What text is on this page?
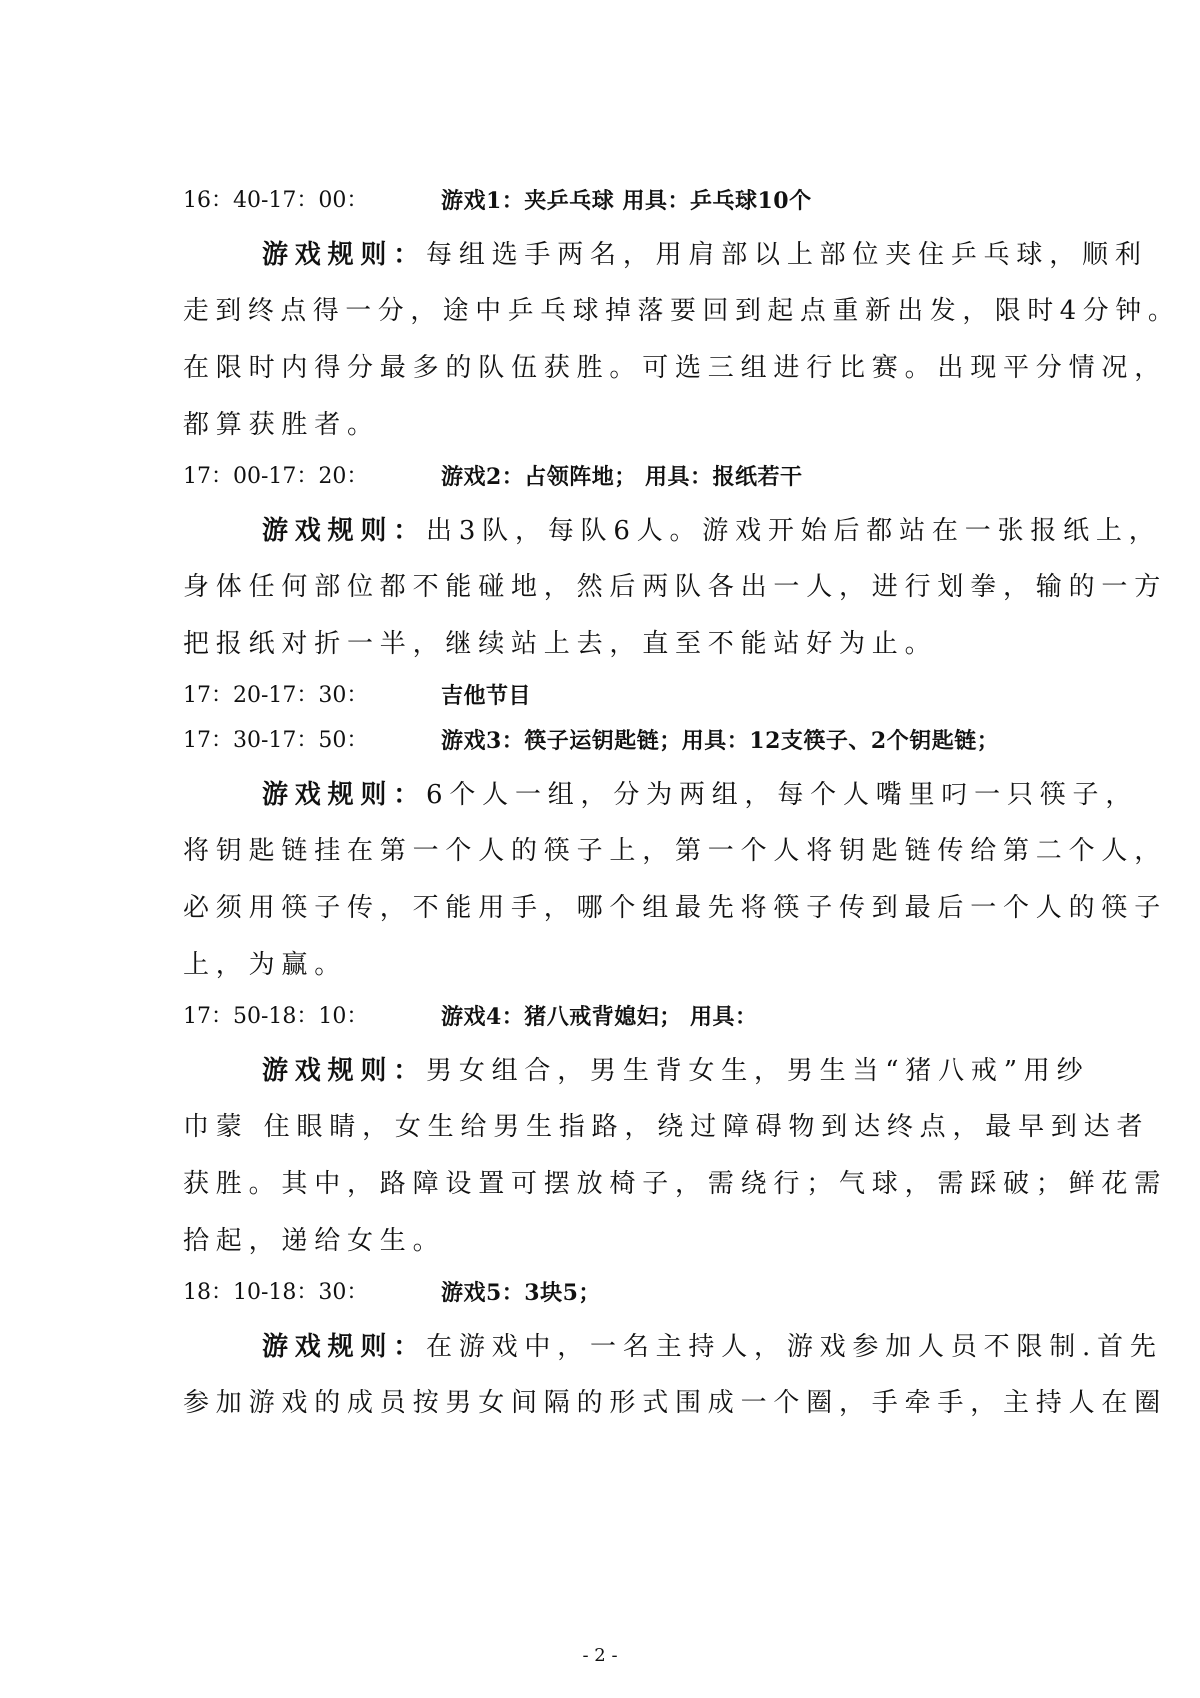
16：40-17：00：	游戏1：夹乒乓球 用具：乒乓球10个
游戏规则：每组选手两名，用肩部以上部位夹住乒乓球，顺利
走到终点得一分，途中乒乓球掉落要回到起点重新出发，限时4分钟。
在限时内得分最多的队伍获胜。可选三组进行比赛。出现平分情况，
都算获胜者。
17：00-17：20：	游戏2：占领阵地； 用具：报纸若干
游戏规则：出3队，每队6人。游戏开始后都站在一张报纸上，
身体任何部位都不能碰地，然后两队各出一人，进行划拳，输的一方
把报纸对折一半，继续站上去，直至不能站好为止。
17：20-17：30：	吉他节目
17：30-17：50：	游戏3：筷子运钥匙链；用具：12支筷子、2个钥匙链；
游戏规则：6个人一组，分为两组，每个人嘴里叼一只筷子，
将钥匙链挂在第一个人的筷子上，第一个人将钥匙链传给第二个人，
必须用筷子传，不能用手，哪个组最先将筷子传到最后一个人的筷子
上，为赢。
17：50-18：10：	游戏4：猪八戒背媳妇； 用具：
游戏规则：男女组合，男生背女生，男生当“猪八戒”用纱
巾蒙 住眼睛，女生给男生指路，绕过障碍物到达终点，最早到达者
获胜。其中，路障设置可摆放椅子，需绕行；气球，需踩破；鲜花需
拾起，递给女生。
18：10-18：30：	游戏5：3块5；
游戏规则：在游戏中，一名主持人，游戏参加人员不限制.首先
参加游戏的成员按男女间隔的形式围成一个圈，手牵手，主持人在圈
- 2 -
